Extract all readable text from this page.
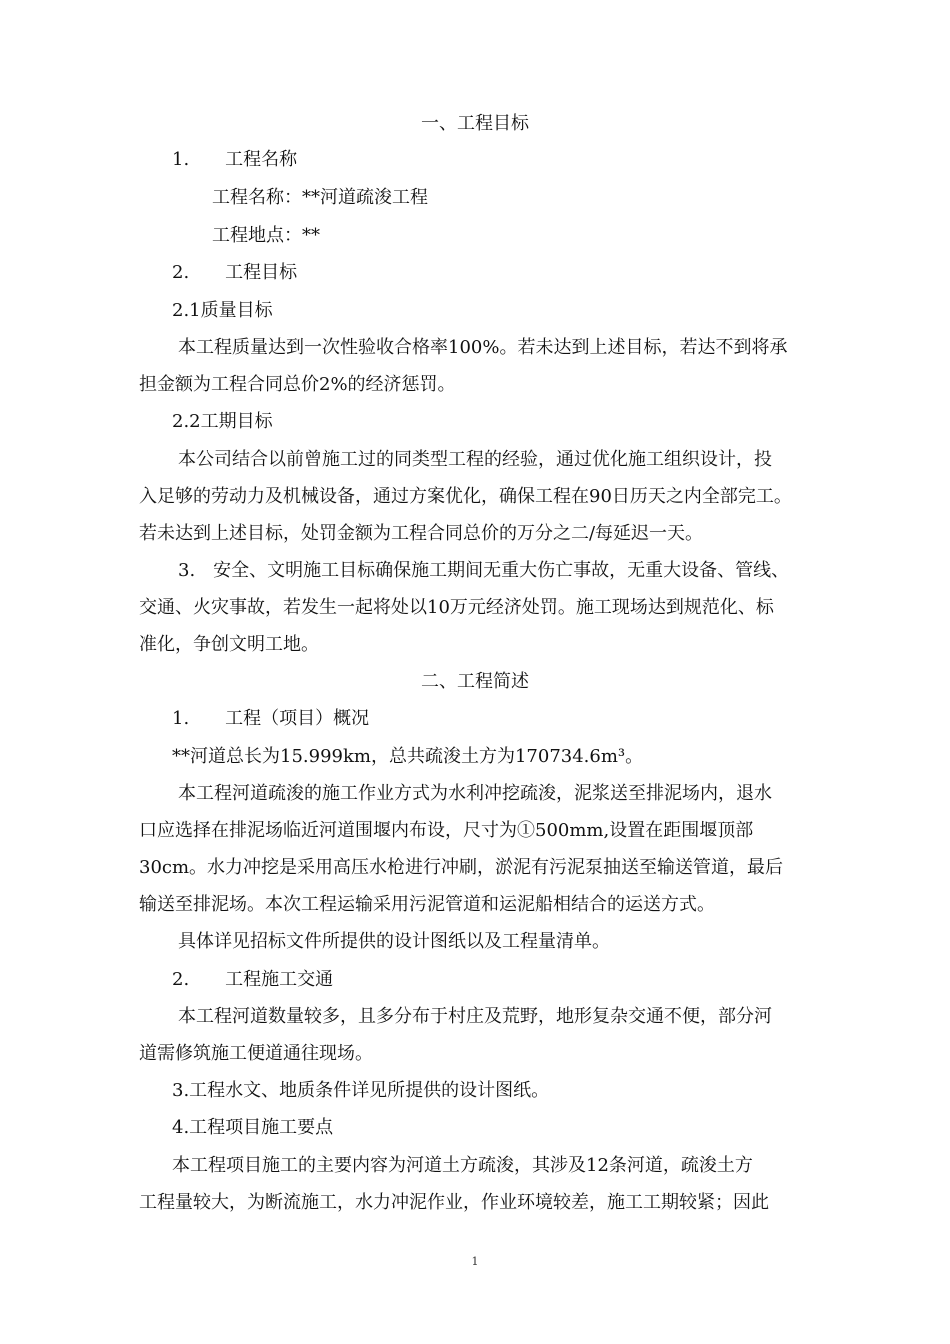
一、工程目标
1.　　工程名称
工程名称：**河道疏浚工程
工程地点：**
2.　　工程目标
2.1质量目标
本工程质量达到一次性验收合格率100%。若未达到上述目标，若达不到将承
担金额为工程合同总价2%的经济惩罚。
2.2工期目标
本公司结合以前曾施工过的同类型工程的经验，通过优化施工组织设计，投
入足够的劳动力及机械设备，通过方案优化，确保工程在90日历天之内全部完工。
若未达到上述目标，处罚金额为工程合同总价的万分之二/每延迟一天。
3.　安全、文明施工目标确保施工期间无重大伤亡事故，无重大设备、管线、
交通、火灾事故，若发生一起将处以10万元经济处罚。施工现场达到规范化、标
准化，争创文明工地。
二、工程简述
1.　　工程（项目）概况
**河道总长为15.999km，总共疏浚土方为170734.6m³。
本工程河道疏浚的施工作业方式为水利冲挖疏浚，泥浆送至排泥场内，退水
口应选择在排泥场临近河道围堰内布设，尺寸为①500mm,设置在距围堰顶部
30cm。水力冲挖是采用高压水枪进行冲刷，淤泥有污泥泵抽送至输送管道，最后
输送至排泥场。本次工程运输采用污泥管道和运泥船相结合的运送方式。
具体详见招标文件所提供的设计图纸以及工程量清单。
2.　　工程施工交通
本工程河道数量较多，且多分布于村庄及荒野，地形复杂交通不便，部分河
道需修筑施工便道通往现场。
3.工程水文、地质条件详见所提供的设计图纸。
4.工程项目施工要点
本工程项目施工的主要内容为河道土方疏浚，其涉及12条河道，疏浚土方
工程量较大，为断流施工，水力冲泥作业，作业环境较差，施工工期较紧；因此
1
